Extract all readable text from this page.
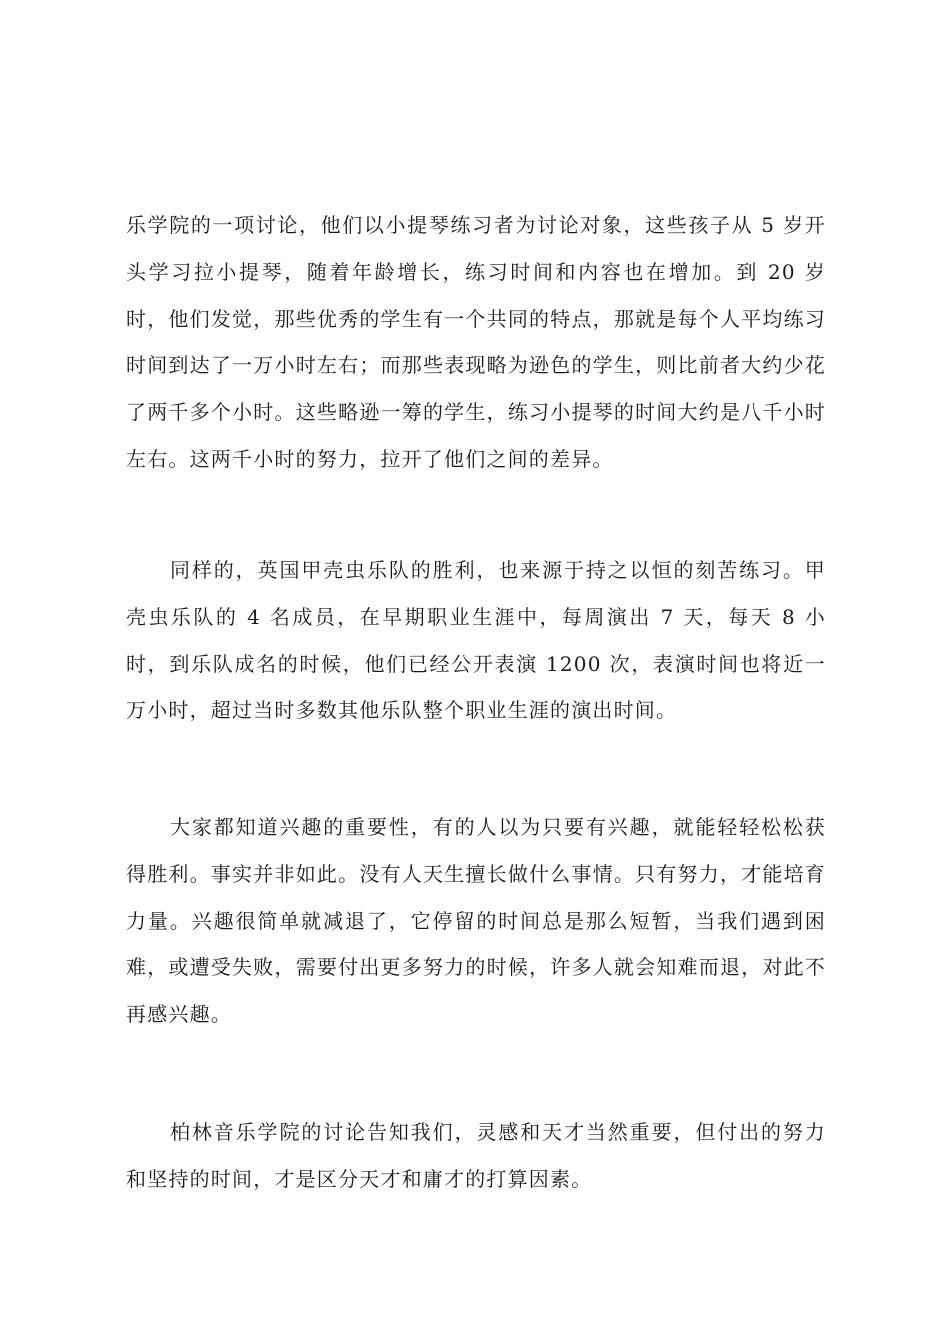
乐学院的一项讨论，他们以小提琴练习者为讨论对象，这些孩子从 5 岁开头学习拉小提琴，随着年龄增长，练习时间和内容也在增加。到 20 岁时，他们发觉，那些优秀的学生有一个共同的特点，那就是每个人平均练习时间到达了一万小时左右；而那些表现略为逊色的学生，则比前者大约少花了两千多个小时。这些略逊一筹的学生，练习小提琴的时间大约是八千小时左右。这两千小时的努力，拉开了他们之间的差异。

同样的，英国甲壳虫乐队的胜利，也来源于持之以恒的刻苦练习。甲壳虫乐队的 4 名成员，在早期职业生涯中，每周演出 7 天，每天 8 小时，到乐队成名的时候，他们已经公开表演 1200 次，表演时间也将近一万小时，超过当时多数其他乐队整个职业生涯的演出时间。

大家都知道兴趣的重要性，有的人以为只要有兴趣，就能轻轻松松获得胜利。事实并非如此。没有人天生擅长做什么事情。只有努力，才能培育力量。兴趣很简单就减退了，它停留的时间总是那么短暂，当我们遇到困难，或遭受失败，需要付出更多努力的时候，许多人就会知难而退，对此不再感兴趣。

柏林音乐学院的讨论告知我们，灵感和天才当然重要，但付出的努力和坚持的时间，才是区分天才和庸才的打算因素。
